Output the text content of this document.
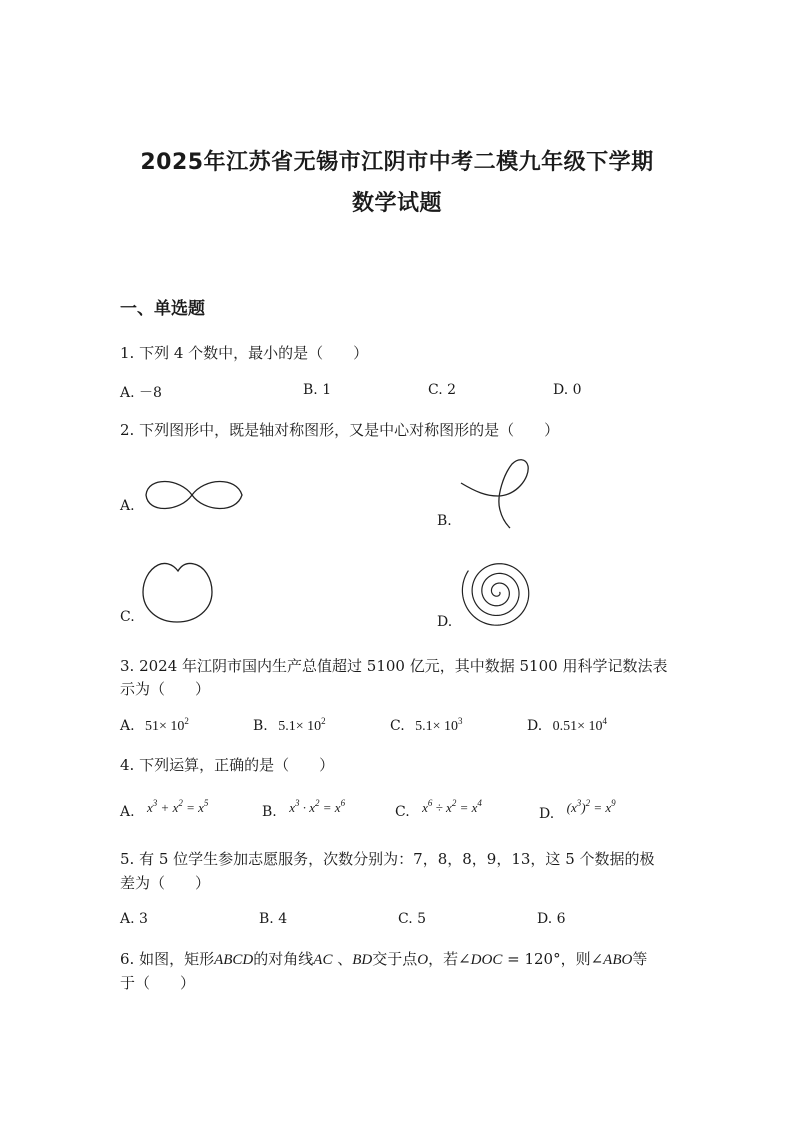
2025年江苏省无锡市江阴市中考二模九年级下学期
数学试题
一、单选题
1. 下列 4 个数中，最小的是（　　）
A. －8	B. 1	C. 2	D. 0
2. 下列图形中，既是轴对称图形，又是中心对称图形的是（　　）
A.
B.
C.	D.
3. 2024 年江阴市国内生产总值超过 5100 亿元，其中数据 5100 用科学记数法表
示为（　　）
A. $51\times 10^2$	B. $5.1\times 10^2$	C. $5.1\times 10^3$	D. $0.51\times 10^4$
4. 下列运算，正确的是（　　）
A. $x^3 + x^2 = x^5$
B. $x^3 \cdot x^2 = x^6$
C. $x^6 \div x^2 = x^4$
D. $(x^3)^2 = x^9$
5. 有 5 位学生参加志愿服务，次数分别为：7，8，8，9，13，这 5 个数据的极
差为（　　）
A. 3	B. 4	C. 5	D. 6
6. 如图，矩形ABCD的对角线AC 、BD交于点O，若∠DOC = 120°，则∠ABO等
于（　　）
